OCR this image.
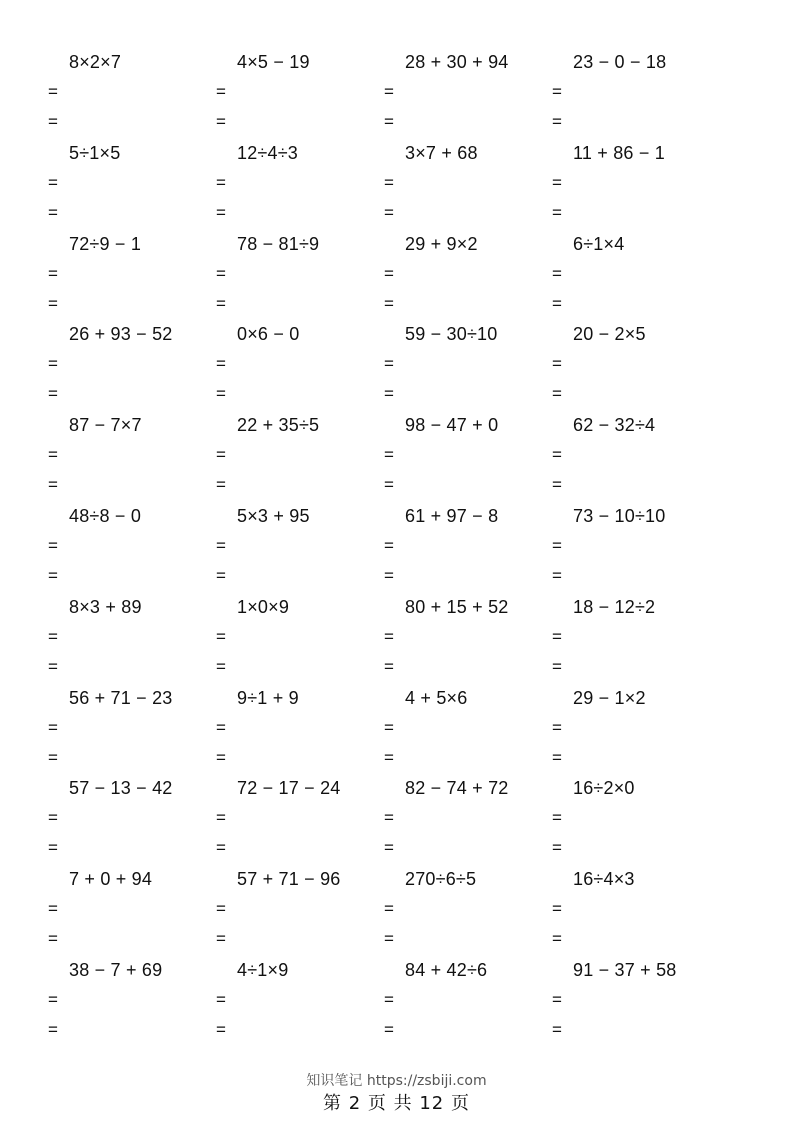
8×2×7
=
=
4×5 − 19
=
=
28 + 30 + 94
=
=
23 − 0 − 18
=
=
5÷1×5
=
=
12÷4÷3
=
=
3×7 + 68
=
=
11 + 86 − 1
=
=
72÷9 − 1
=
=
78 − 81÷9
=
=
29 + 9×2
=
=
6÷1×4
=
=
26 + 93 − 52
=
=
0×6 − 0
=
=
59 − 30÷10
=
=
20 − 2×5
=
=
87 − 7×7
=
=
22 + 35÷5
=
=
98 − 47 + 0
=
=
62 − 32÷4
=
=
48÷8 − 0
=
=
5×3 + 95
=
=
61 + 97 − 8
=
=
73 − 10÷10
=
=
8×3 + 89
=
=
1×0×9
=
=
80 + 15 + 52
=
=
18 − 12÷2
=
=
56 + 71 − 23
=
=
9÷1 + 9
=
=
4 + 5×6
=
=
29 − 1×2
=
=
57 − 13 − 42
=
=
72 − 17 − 24
=
=
82 − 74 + 72
=
=
16÷2×0
=
=
7 + 0 + 94
=
=
57 + 71 − 96
=
=
270÷6÷5
=
=
16÷4×3
=
=
38 − 7 + 69
=
=
4÷1×9
=
=
84 + 42÷6
=
=
91 − 37 + 58
=
=
知识笔记 https://zsbiji.com
第 2 页 共 12 页
